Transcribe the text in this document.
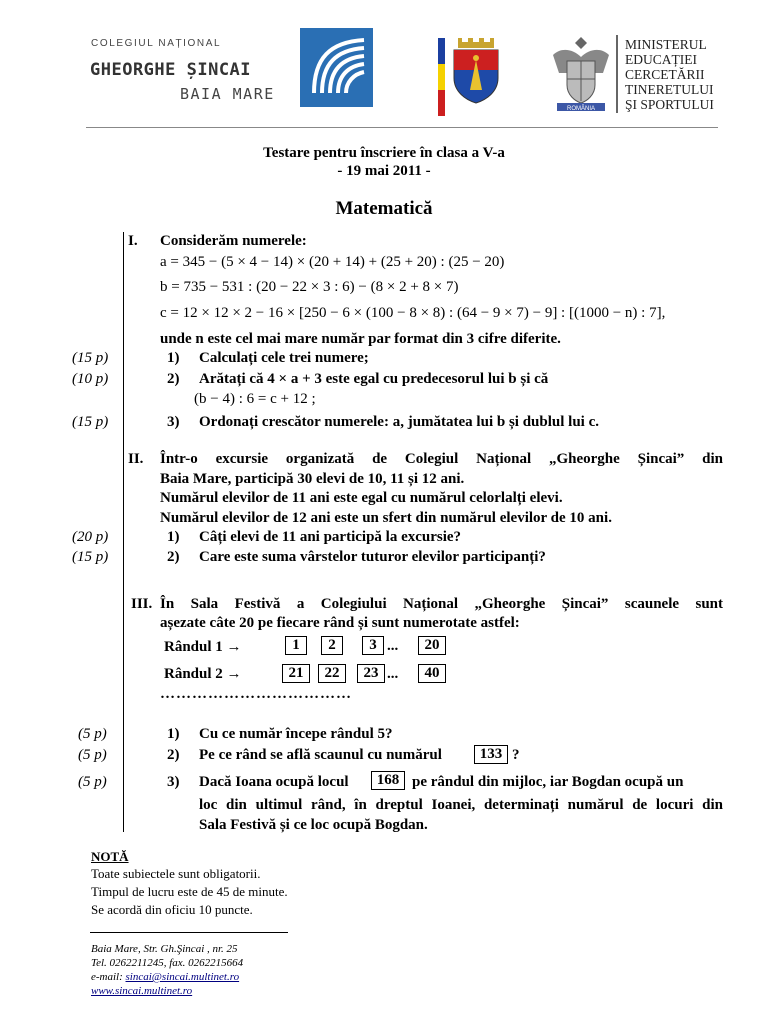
COLEGIUL NAȚIONAL
GHEORGHE ȘINCAI
BAIA MARE
ROMÂNIA
MINISTERUL
EDUCAȚIEI
CERCETĂRII
TINERETULUI
ŞI SPORTULUI
Testare pentru înscriere în clasa a V-a
- 19 mai 2011 -
Matematică
I. Considerăm numerele:
a = 345 − (5 × 4 − 14) × (20 + 14) + (25 + 20) : (25 − 20)
b = 735 − 531 : (20 − 22 × 3 : 6) − (8 × 2 + 8 × 7)
c = 12 × 12 × 2 − 16 × [250 − 6 × (100 − 8 × 8) : (64 − 9 × 7) − 9] : [(1000 − n) : 7],
unde n este cel mai mare număr par format din 3 cifre diferite.
(15 p)	1) Calculați cele trei numere;
(10 p)	2) Arătați că 4 × a + 3 este egal cu predecesorul lui b și că
(b − 4) : 6 = c + 12 ;
(15 p)	3) Ordonați crescător numerele: a, jumătatea lui b și dublul lui c.
II. Într-o excursie organizată de Colegiul Național „Gheorghe Șincai” din
Baia Mare, participă 30 elevi de 10, 11 și 12 ani.
Numărul elevilor de 11 ani este egal cu numărul celorlalți elevi.
Numărul elevilor de 12 ani este un sfert din numărul elevilor de 10 ani.
(20 p)	1) Câți elevi de 11 ani participă la excursie?
(15 p)	2) Care este suma vârstelor tuturor elevilor participanți?
III. În Sala Festivă a Colegiului Național „Gheorghe Șincai” scaunele sunt
așezate câte 20 pe fiecare rând și sunt numerotate astfel:
Rândul 1 →	1	2	3 ...	20
Rândul 2 →	21	22	23 ...	40
………………………………
(5 p)	1) Cu ce număr începe rândul 5?
(5 p)	2) Pe ce rând se află scaunul cu numărul	133 ?
(5 p)	3) Dacă Ioana ocupă locul	168 pe rândul din mijloc, iar Bogdan ocupă un
loc din ultimul rând, în dreptul Ioanei, determinați numărul de locuri din
Sala Festivă și ce loc ocupă Bogdan.
NOTĂ
Toate subiectele sunt obligatorii.
Timpul de lucru este de 45 de minute.
Se acordă din oficiu 10 puncte.
Baia Mare, Str. Gh.Şincai , nr. 25
Tel. 0262211245, fax. 0262215664
e-mail: sincai@sincai.multinet.ro
www.sincai.multinet.ro
